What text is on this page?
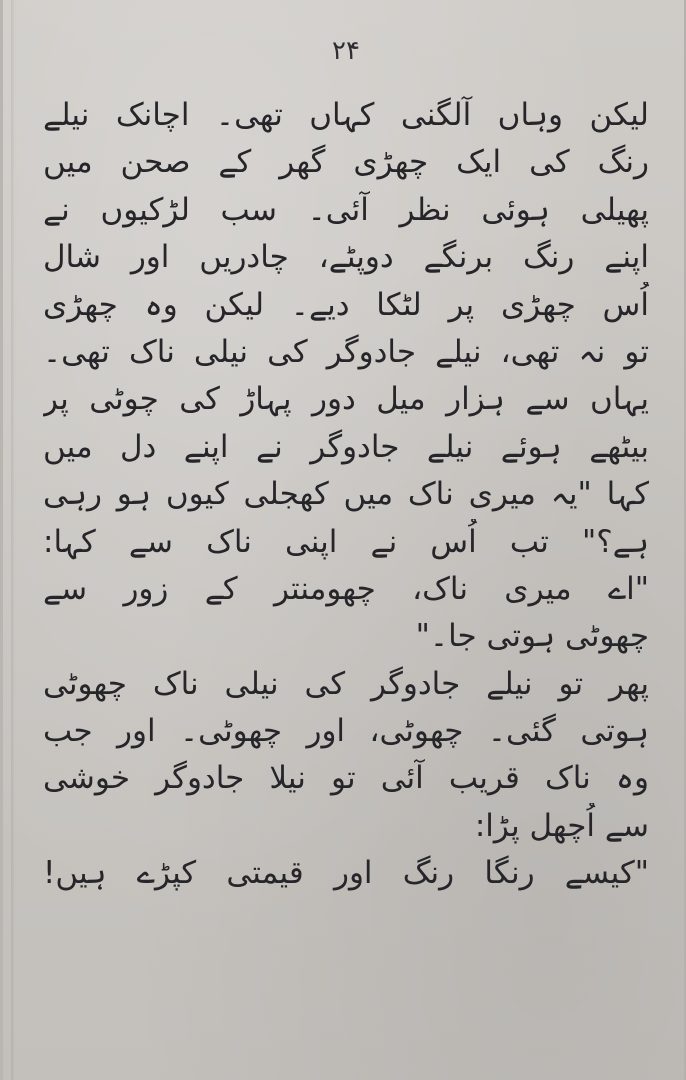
۲۴
لیکن وہاں آلگنی کہاں تھی۔ اچانک نیلے
رنگ کی ایک چھڑی گھر کے صحن میں
پھیلی ہوئی نظر آئی۔ سب لڑکیوں نے
اپنے رنگ برنگے دوپٹے، چادریں اور شال
اُس چھڑی پر لٹکا دیے۔ لیکن وہ چھڑی
تو نہ تھی، نیلے جادوگر کی نیلی ناک تھی۔
یہاں سے ہزار میل دور پہاڑ کی چوٹی پر
بیٹھے ہوئے نیلے جادوگر نے اپنے دل میں
کہا "یہ میری ناک میں کھجلی کیوں ہو رہی
ہے؟" تب اُس نے اپنی ناک سے کہا:
"اے میری ناک، چھومنتر کے زور سے
چھوٹی ہوتی جا۔"
پھر تو نیلے جادوگر کی نیلی ناک چھوٹی
ہوتی گئی۔ چھوٹی، اور چھوٹی۔ اور جب
وہ ناک قریب آئی تو نیلا جادوگر خوشی
سے اُچھل پڑا:
"کیسے رنگا رنگ اور قیمتی کپڑے ہیں!
